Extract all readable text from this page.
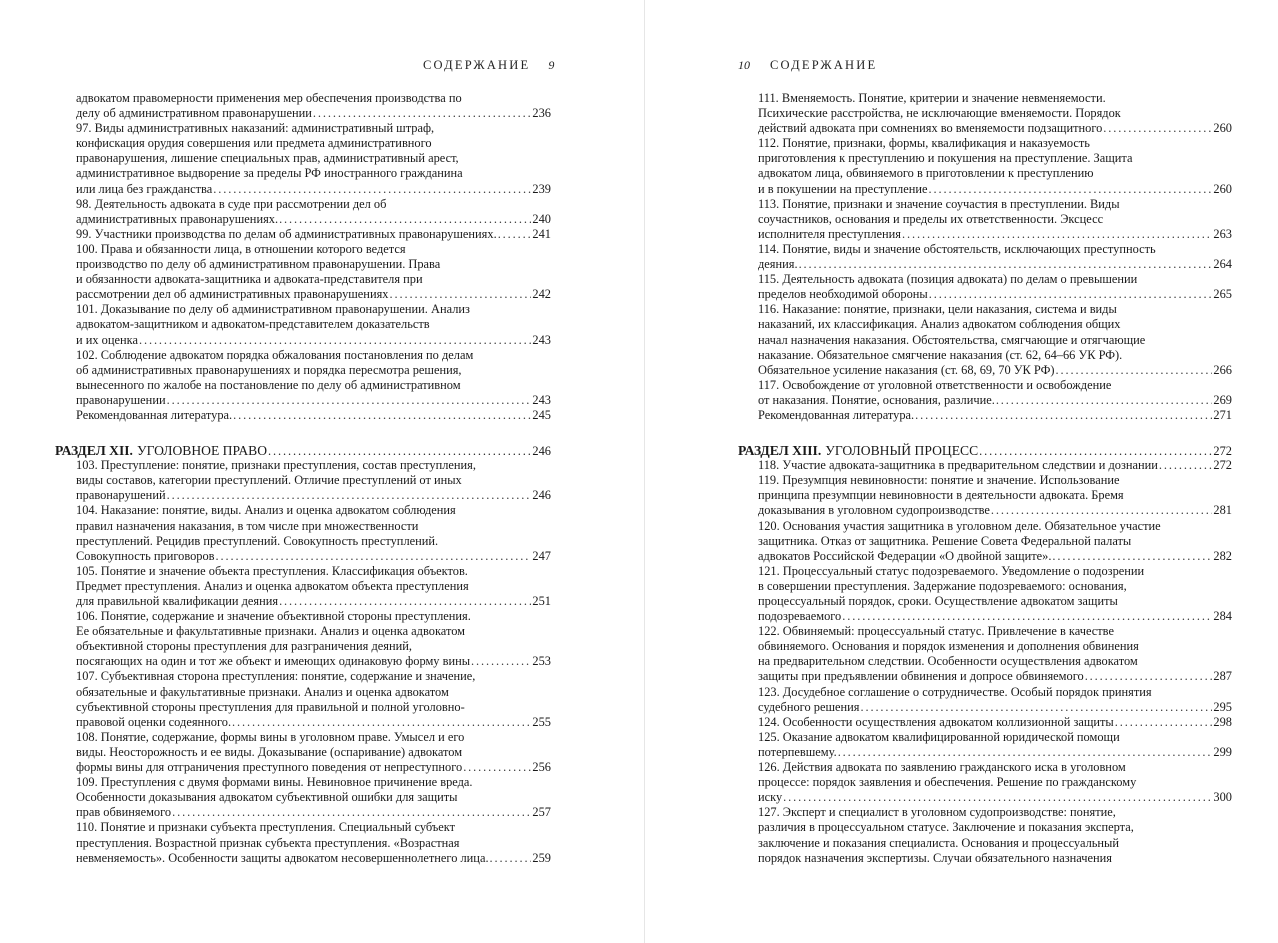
СОДЕРЖАНИЕ 9
адвокатом правомерности применения мер обеспечения производства по
делу об административном правонарушении . . .	236
97. Виды административных наказаний: административный штраф,
конфискация орудия совершения или предмета административного
правонарушения, лишение специальных прав, административный арест,
административное выдворение за пределы РФ иностранного гражданина
или лица без гражданства . . .	239
98. Деятельность адвоката в суде при рассмотрении дел об
административных правонарушениях. . . .	240
99. Участники производства по делам об административных правонарушениях. . . .	241
100. Права и обязанности лица, в отношении которого ведется
производство по делу об административном правонарушении. Права
и обязанности адвоката-защитника и адвоката-представителя при
рассмотрении дел об административных правонарушениях . . .	242
101. Доказывание по делу об административном правонарушении. Анализ
адвокатом-защитником и адвокатом-представителем доказательств
и их оценка . . .	243
102. Соблюдение адвокатом порядка обжалования постановления по делам
об административных правонарушениях и порядка пересмотра решения,
вынесенного по жалобе на постановление по делу об административном
правонарушении . . .	243
Рекомендованная литература. . . .	245
РАЗДЕЛ XII. УГОЛОВНОЕ ПРАВО . . .	246
103. Преступление: понятие, признаки преступления, состав преступления,
виды составов, категории преступлений. Отличие преступлений от иных
правонарушений . . .	246
104. Наказание: понятие, виды. Анализ и оценка адвокатом соблюдения
правил назначения наказания, в том числе при множественности
преступлений. Рецидив преступлений. Совокупность преступлений.
Совокупность приговоров . . .	247
105. Понятие и значение объекта преступления. Классификация объектов.
Предмет преступления. Анализ и оценка адвокатом объекта преступления
для правильной квалификации деяния . . .	251
106. Понятие, содержание и значение объективной стороны преступления.
Ее обязательные и факультативные признаки. Анализ и оценка адвокатом
объективной стороны преступления для разграничения деяний,
посягающих на один и тот же объект и имеющих одинаковую форму вины . . .	253
107. Субъективная сторона преступления: понятие, содержание и значение,
обязательные и факультативные признаки. Анализ и оценка адвокатом
субъективной стороны преступления для правильной и полной уголовно-
правовой оценки содеянного. . . .	255
108. Понятие, содержание, формы вины в уголовном праве. Умысел и его
виды. Неосторожность и ее виды. Доказывание (оспаривание) адвокатом
формы вины для отграничения преступного поведения от непреступного . . .	256
109. Преступления с двумя формами вины. Невиновное причинение вреда.
Особенности доказывания адвокатом субъективной ошибки для защиты
прав обвиняемого . . .	257
110. Понятие и признаки субъекта преступления. Специальный субъект
преступления. Возрастной признак субъекта преступления. «Возрастная
невменяемость». Особенности защиты адвокатом несовершеннолетнего лица. . . .	259
10 СОДЕРЖАНИЕ
111. Вменяемость. Понятие, критерии и значение невменяемости.
Психические расстройства, не исключающие вменяемости. Порядок
действий адвоката при сомнениях во вменяемости подзащитного . . .	260
112. Понятие, признаки, формы, квалификация и наказуемость
приготовления к преступлению и покушения на преступление. Защита
адвокатом лица, обвиняемого в приготовлении к преступлению
и в покушении на преступление . . .	260
113. Понятие, признаки и значение соучастия в преступлении. Виды
соучастников, основания и пределы их ответственности. Эксцесс
исполнителя преступления . . .	263
114. Понятие, виды и значение обстоятельств, исключающих преступность
деяния. . . .	264
115. Деятельность адвоката (позиция адвоката) по делам о превышении
пределов необходимой обороны . . .	265
116. Наказание: понятие, признаки, цели наказания, система и виды
наказаний, их классификация. Анализ адвокатом соблюдения общих
начал назначения наказания. Обстоятельства, смягчающие и отягчающие
наказание. Обязательное смягчение наказания (ст. 62, 64–66 УК РФ).
Обязательное усиление наказания (ст. 68, 69, 70 УК РФ) . . .	266
117. Освобождение от уголовной ответственности и освобождение
от наказания. Понятие, основания, различие. . . .	269
Рекомендованная литература. . . .	271
РАЗДЕЛ XIII. УГОЛОВНЫЙ ПРОЦЕСС . . .	272
118. Участие адвоката-защитника в предварительном следствии и дознании . . .	272
119. Презумпция невиновности: понятие и значение. Использование
принципа презумпции невиновности в деятельности адвоката. Бремя
доказывания в уголовном судопроизводстве . . .	281
120. Основания участия защитника в уголовном деле. Обязательное участие
защитника. Отказ от защитника. Решение Совета Федеральной палаты
адвокатов Российской Федерации «О двойной защите». . . .	282
121. Процессуальный статус подозреваемого. Уведомление о подозрении
в совершении преступления. Задержание подозреваемого: основания,
процессуальный порядок, сроки. Осуществление адвокатом защиты
подозреваемого . . .	284
122. Обвиняемый: процессуальный статус. Привлечение в качестве
обвиняемого. Основания и порядок изменения и дополнения обвинения
на предварительном следствии. Особенности осуществления адвокатом
защиты при предъявлении обвинения и допросе обвиняемого . . .	287
123. Досудебное соглашение о сотрудничестве. Особый порядок принятия
судебного решения . . .	295
124. Особенности осуществления адвокатом коллизионной защиты . . .	298
125. Оказание адвокатом квалифицированной юридической помощи
потерпевшему. . . .	299
126. Действия адвоката по заявлению гражданского иска в уголовном
процессе: порядок заявления и обеспечения. Решение по гражданскому
иску . . .	300
127. Эксперт и специалист в уголовном судопроизводстве: понятие,
различия в процессуальном статусе. Заключение и показания эксперта,
заключение и показания специалиста. Основания и процессуальный
порядок назначения экспертизы. Случаи обязательного назначения
